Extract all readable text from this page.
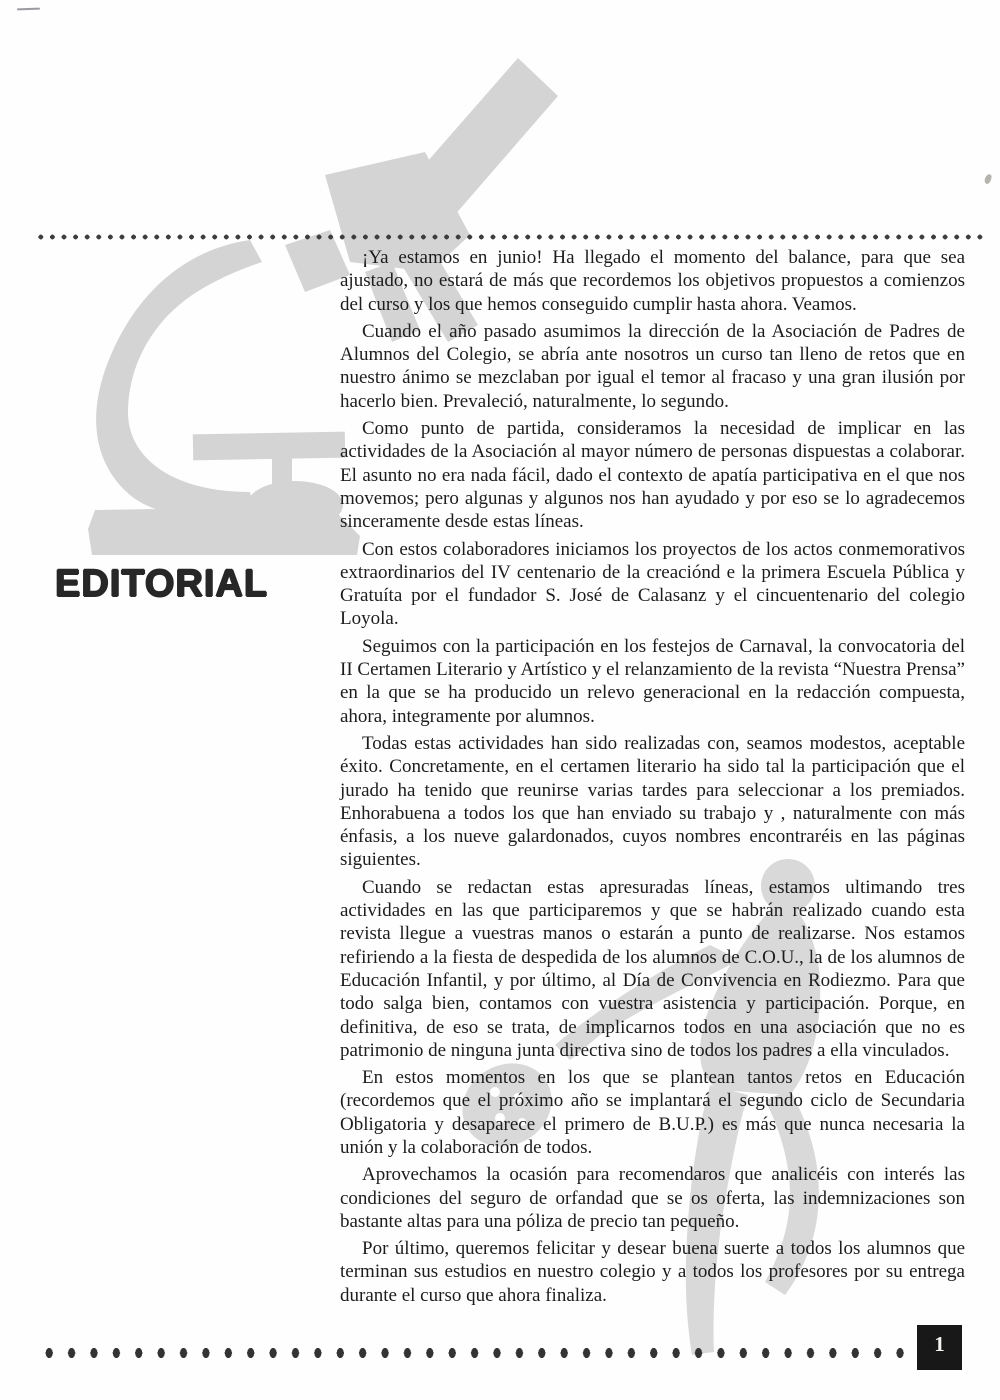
EDITORIAL

¡Ya estamos en junio! Ha llegado el momento del balance, para que sea ajustado, no estará de más que recordemos los objetivos propuestos a comienzos del curso y los que hemos conseguido cumplir hasta ahora. Veamos.

Cuando el año pasado asumimos la dirección de la Asociación de Padres de Alumnos del Colegio, se abría ante nosotros un curso tan lleno de retos que en nuestro ánimo se mezclaban por igual el temor al fracaso y una gran ilusión por hacerlo bien. Prevaleció, naturalmente, lo segundo.

Como punto de partida, consideramos la necesidad de implicar en las actividades de la Asociación al mayor número de personas dispuestas a colaborar. El asunto no era nada fácil, dado el contexto de apatía participativa en el que nos movemos; pero algunas y algunos nos han ayudado y por eso se lo agradecemos sinceramente desde estas líneas.

Con estos colaboradores iniciamos los proyectos de los actos conmemorativos extraordinarios del IV centenario de la creaciónd e la primera Escuela Pública y Gratuíta por el fundador S. José de Calasanz y el cincuentenario del colegio Loyola.

Seguimos con la participación en los festejos de Carnaval, la convocatoria del II Certamen Literario y Artístico y el relanzamiento de la revista “Nuestra Prensa” en la que se ha producido un relevo generacional en la redacción compuesta, ahora, integramente por alumnos.

Todas estas actividades han sido realizadas con, seamos modestos, aceptable éxito. Concretamente, en el certamen literario ha sido tal la participación que el jurado ha tenido que reunirse varias tardes para seleccionar a los premiados. Enhorabuena a todos los que han enviado su trabajo y , naturalmente con más énfasis, a los nueve galardonados, cuyos nombres encontraréis en las páginas siguientes.

Cuando se redactan estas apresuradas líneas, estamos ultimando tres actividades en las que participaremos y que se habrán realizado cuando esta revista llegue a vuestras manos o estarán a punto de realizarse. Nos estamos refiriendo a la fiesta de despedida de los alumnos de C.O.U., la de los alumnos de Educación Infantil, y por último, al Día de Convivencia en Rodiezmo. Para que todo salga bien, contamos con vuestra asistencia y participación. Porque, en definitiva, de eso se trata, de implicarnos todos en una asociación que no es patrimonio de ninguna junta directiva sino de todos los padres a ella vinculados.

En estos momentos en los que se plantean tantos retos en Educación (recordemos que el próximo año se implantará el segundo ciclo de Secundaria Obligatoria y desaparece el primero de B.U.P.) es más que nunca necesaria la unión y la colaboración de todos.

Aprovechamos la ocasión para recomendaros que analicéis con interés las condiciones del seguro de orfandad que se os oferta, las indemnizaciones son bastante altas para una póliza de precio tan pequeño.

Por último, queremos felicitar y desear buena suerte a todos los alumnos que terminan sus estudios en nuestro colegio y a todos los profesores por su entrega durante el curso que ahora finaliza.

1
